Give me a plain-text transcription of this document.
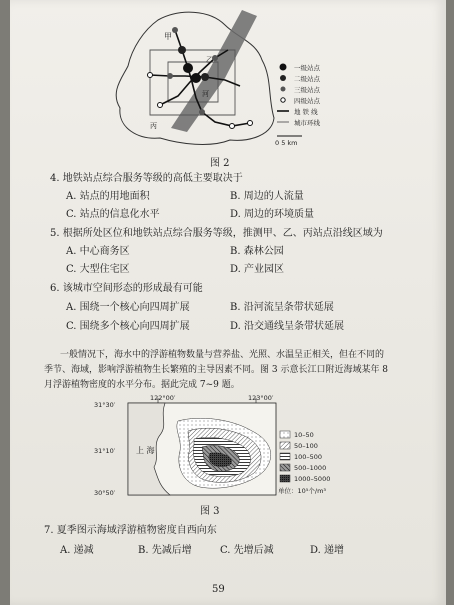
甲
乙
丙
河
一级站点
二级站点
三级站点
四级站点
地 铁 线
城市环线
0 5 km
图 2
4. 地铁站点综合服务等级的高低主要取决于
A. 站点的用地面积	B. 周边的人流量
C. 站点的信息化水平	D. 周边的环境质量
5. 根据所处区位和地铁站点综合服务等级，推测甲、乙、丙站点沿线区域为
A. 中心商务区	B. 森林公园
C. 大型住宅区	D. 产业园区
6. 该城市空间形态的形成最有可能
A. 围绕一个核心向四周扩展	B. 沿河流呈条带状延展
C. 围绕多个核心向四周扩展	D. 沿交通线呈条带状延展
一般情况下，海水中的浮游植物数量与营养盐、光照、水温呈正相关，但在不同的
季节、海域，影响浮游植物生长繁殖的主导因素不同。图 3 示意长江口附近海域某年 8
月浮游植物密度的水平分布。据此完成 7~9 题。
122°00′	123°00′
31°30′
31°10′
30°50′
上 海
10–50
50–100
100–500
500–1000
1000–5000
单位：10⁵个/m³
图 3
7. 夏季图示海域浮游植物密度自西向东
A. 递减	B. 先减后增	C. 先增后减	D. 递增
59
